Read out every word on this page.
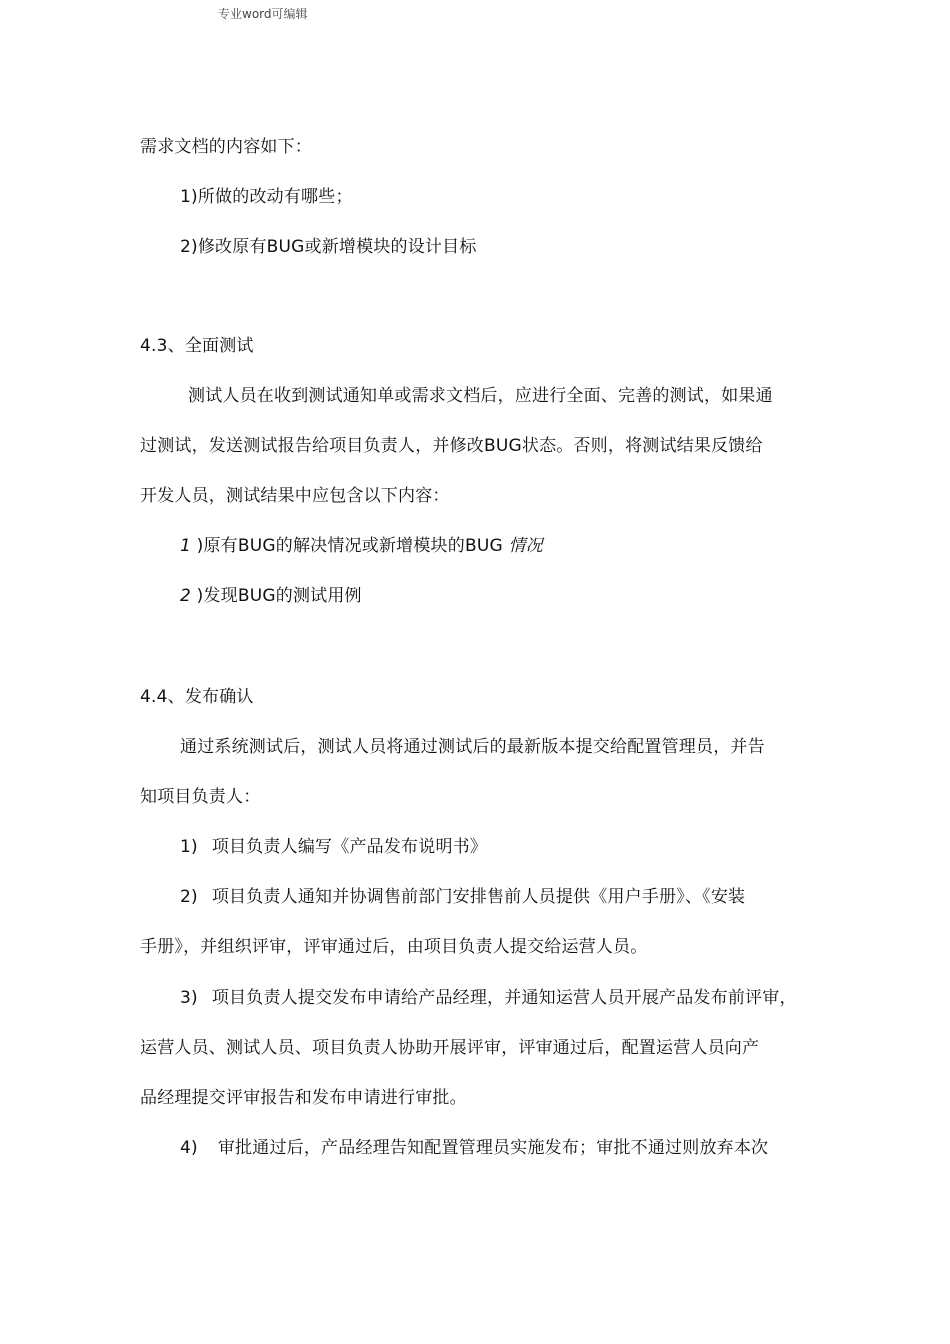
专业word可编辑
需求文档的内容如下：
1)所做的改动有哪些；
2)修改原有BUG或新增模块的设计目标
4.3、全面测试
测试人员在收到测试通知单或需求文档后，应进行全面、完善的测试，如果通
过测试，发送测试报告给项目负责人，并修改BUG状态。否则，将测试结果反馈给
开发人员，测试结果中应包含以下内容：
1 )原有BUG的解决情况或新增模块的BUG 情况
2 )发现BUG的测试用例
4.4、发布确认
通过系统测试后，测试人员将通过测试后的最新版本提交给配置管理员，并告
知项目负责人：
1) 项目负责人编写《产品发布说明书》
2) 项目负责人通知并协调售前部门安排售前人员提供《用户手册》、《安装
手册》，并组织评审，评审通过后，由项目负责人提交给运营人员。
3) 项目负责人提交发布申请给产品经理，并通知运营人员开展产品发布前评审，
运营人员、测试人员、项目负责人协助开展评审，评审通过后，配置运营人员向产
品经理提交评审报告和发布申请进行审批。
4) 审批通过后，产品经理告知配置管理员实施发布；审批不通过则放弃本次
